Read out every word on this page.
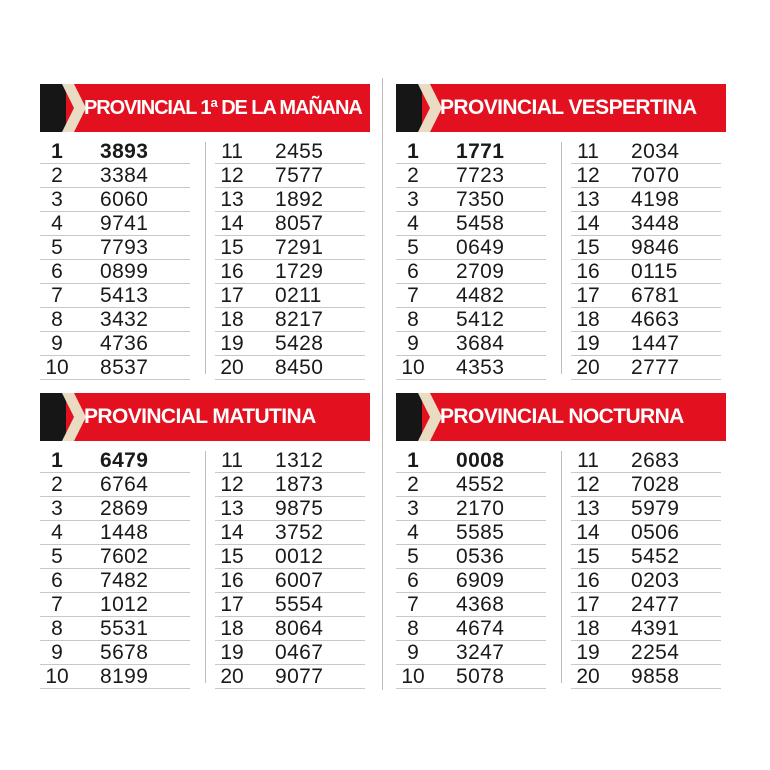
PROVINCIAL 1ª DE LA MAÑANA
1	3893
2	3384
3	6060
4	9741
5	7793
6	0899
7	5413
8	3432
9	4736
10 8537
11 2455
12 7577
13 1892
14 8057
15 7291
16 1729
17 0211
18 8217
19 5428
20 8450
PROVINCIAL VESPERTINA
1	1771
2	7723
3	7350
4	5458
5	0649
6	2709
7	4482
8	5412
9	3684
10 4353
11 2034
12 7070
13 4198
14 3448
15 9846
16 0115
17 6781
18 4663
19 1447
20 2777
PROVINCIAL MATUTINA
1	6479
2	6764
3	2869
4	1448
5	7602
6	7482
7	1012
8	5531
9	5678
10 8199
11 1312
12 1873
13 9875
14 3752
15 0012
16 6007
17 5554
18 8064
19 0467
20 9077
PROVINCIAL NOCTURNA
1	0008
2	4552
3	2170
4	5585
5	0536
6	6909
7	4368
8	4674
9	3247
10 5078
11 2683
12 7028
13 5979
14 0506
15 5452
16 0203
17 2477
18 4391
19 2254
20 9858
